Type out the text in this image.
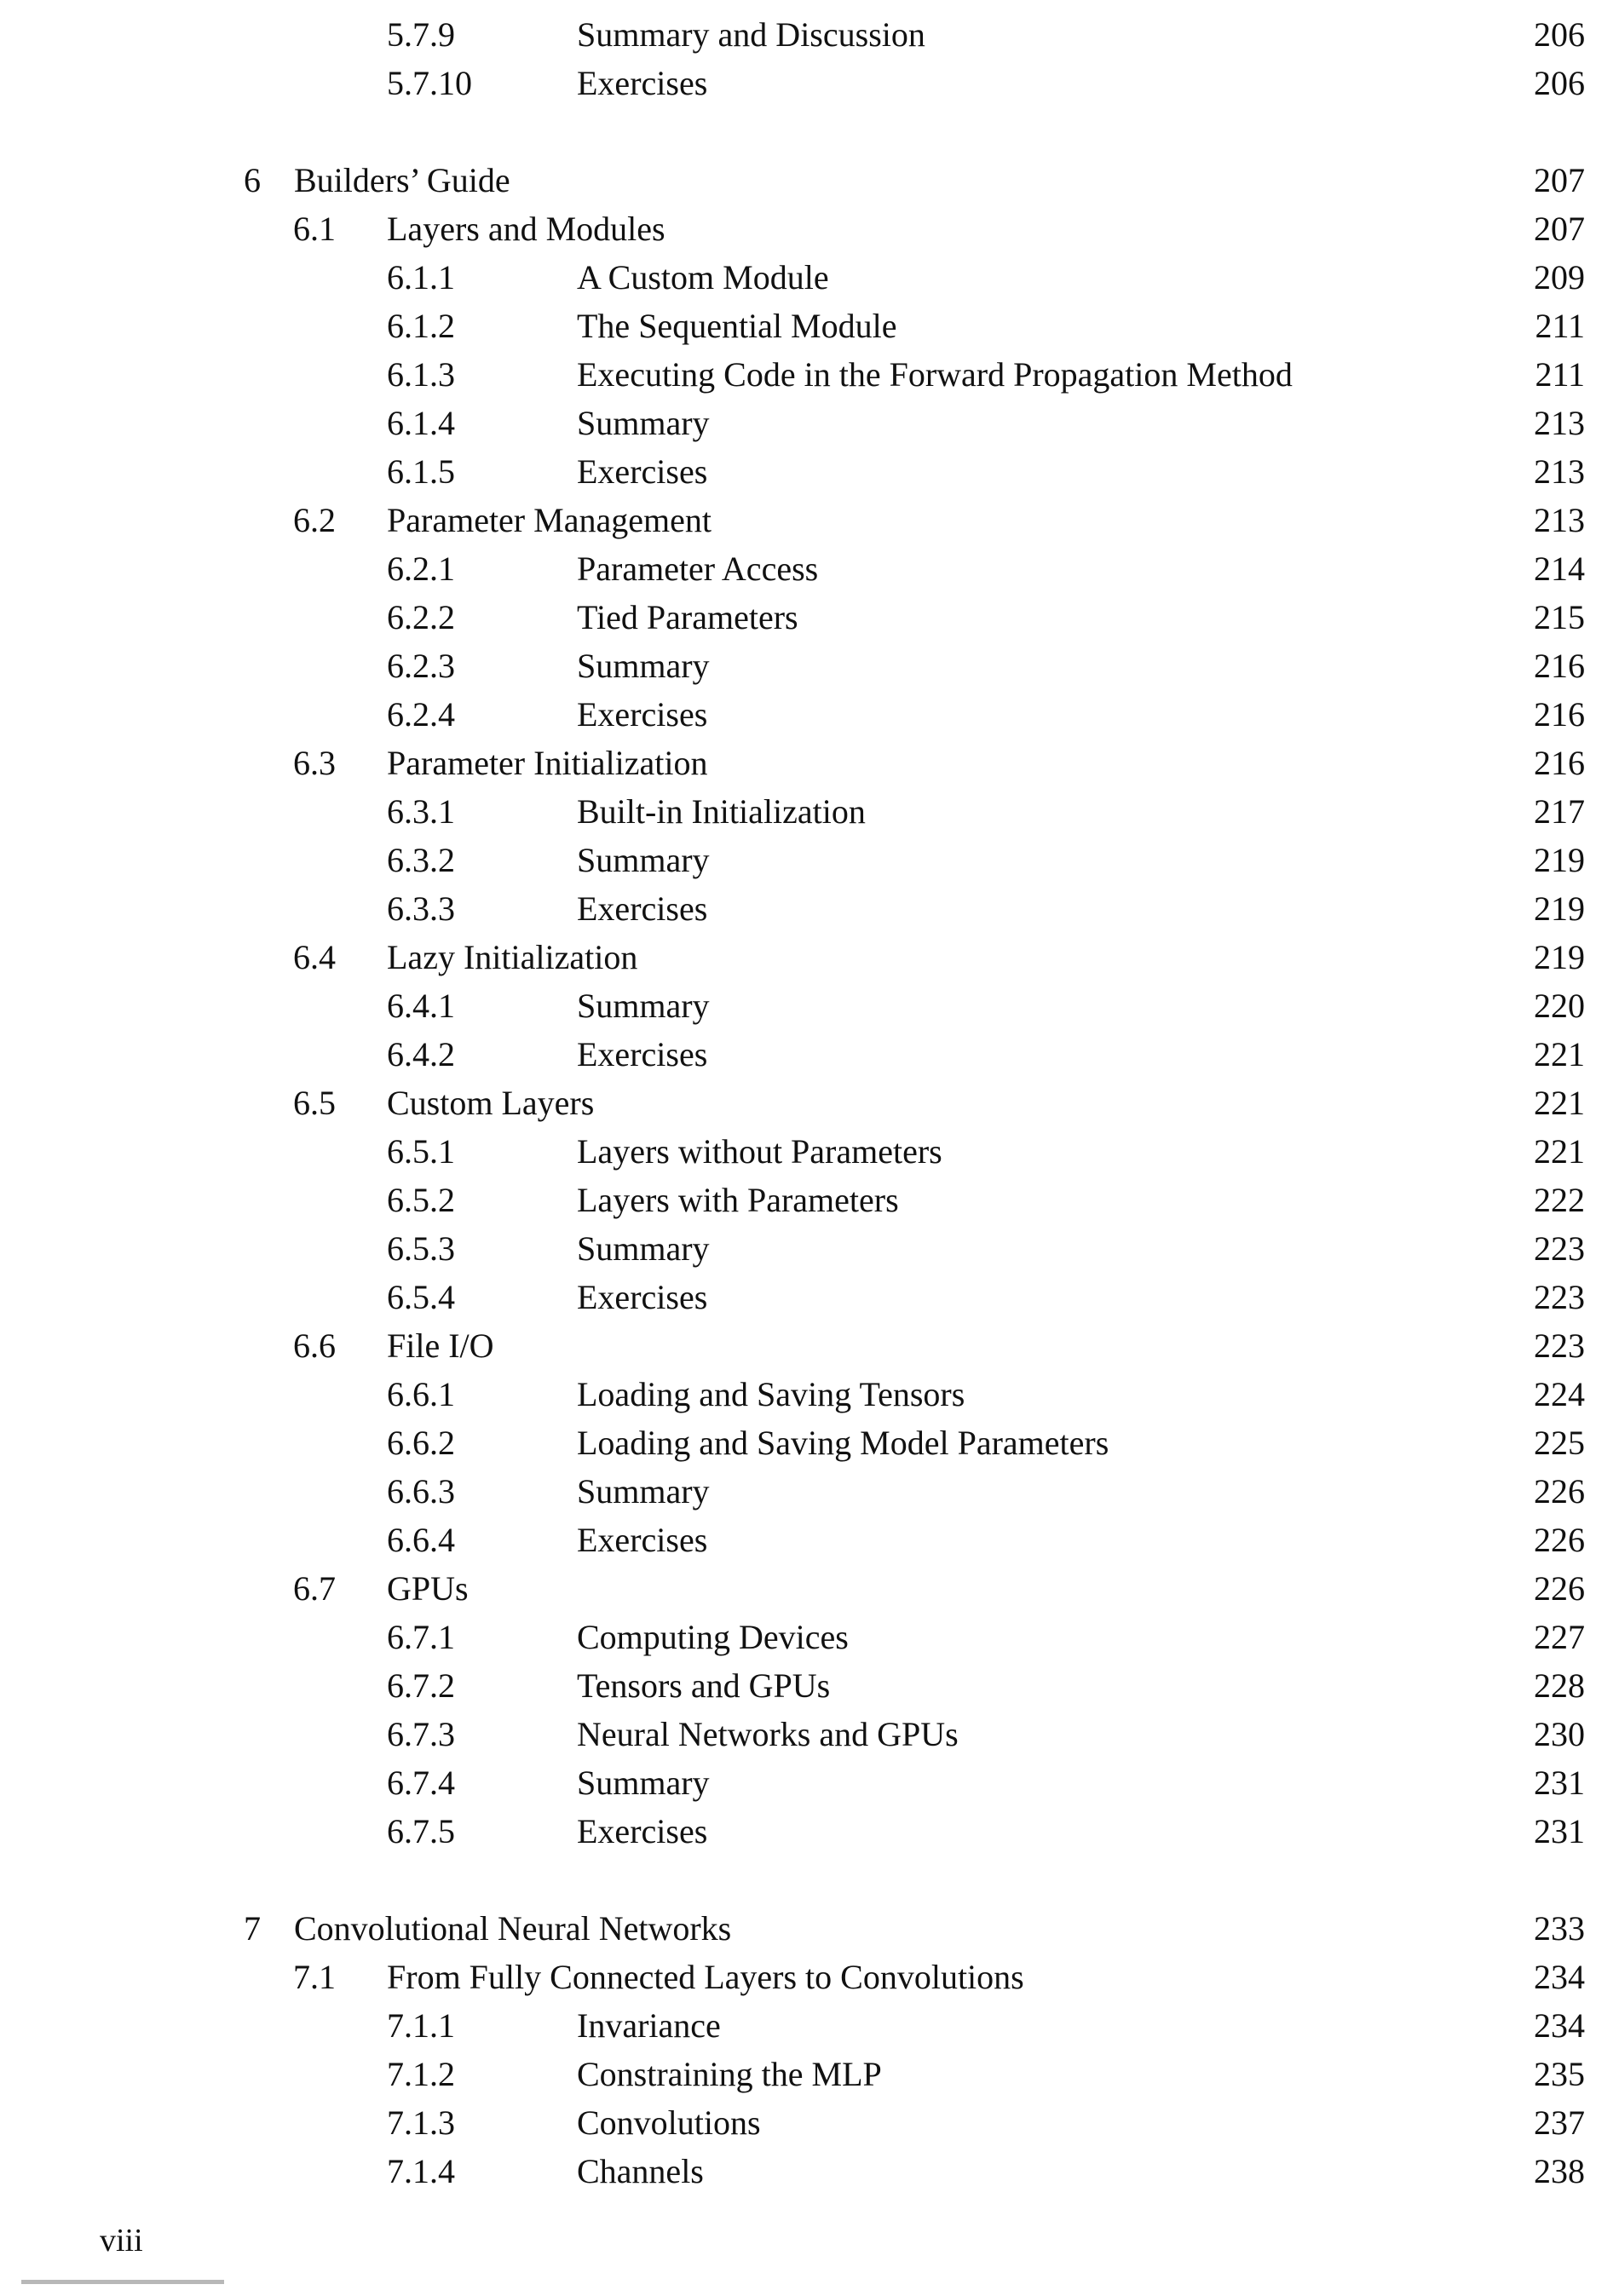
5.7.9	Summary and Discussion	206
5.7.10	Exercises	206
6 Builders’ Guide	207
6.1 Layers and Modules	207
6.1.1	A Custom Module	209
6.1.2	The Sequential Module	211
6.1.3	Executing Code in the Forward Propagation Method	211
6.1.4	Summary	213
6.1.5	Exercises	213
6.2 Parameter Management	213
6.2.1	Parameter Access	214
6.2.2	Tied Parameters	215
6.2.3	Summary	216
6.2.4	Exercises	216
6.3 Parameter Initialization	216
6.3.1	Built-in Initialization	217
6.3.2	Summary	219
6.3.3	Exercises	219
6.4 Lazy Initialization	219
6.4.1	Summary	220
6.4.2	Exercises	221
6.5 Custom Layers	221
6.5.1	Layers without Parameters	221
6.5.2	Layers with Parameters	222
6.5.3	Summary	223
6.5.4	Exercises	223
6.6 File I/O	223
6.6.1	Loading and Saving Tensors	224
6.6.2	Loading and Saving Model Parameters	225
6.6.3	Summary	226
6.6.4	Exercises	226
6.7 GPUs	226
6.7.1	Computing Devices	227
6.7.2	Tensors and GPUs	228
6.7.3	Neural Networks and GPUs	230
6.7.4	Summary	231
6.7.5	Exercises	231
7 Convolutional Neural Networks	233
7.1 From Fully Connected Layers to Convolutions	234
7.1.1	Invariance	234
7.1.2	Constraining the MLP	235
7.1.3	Convolutions	237
7.1.4	Channels	238
viii
